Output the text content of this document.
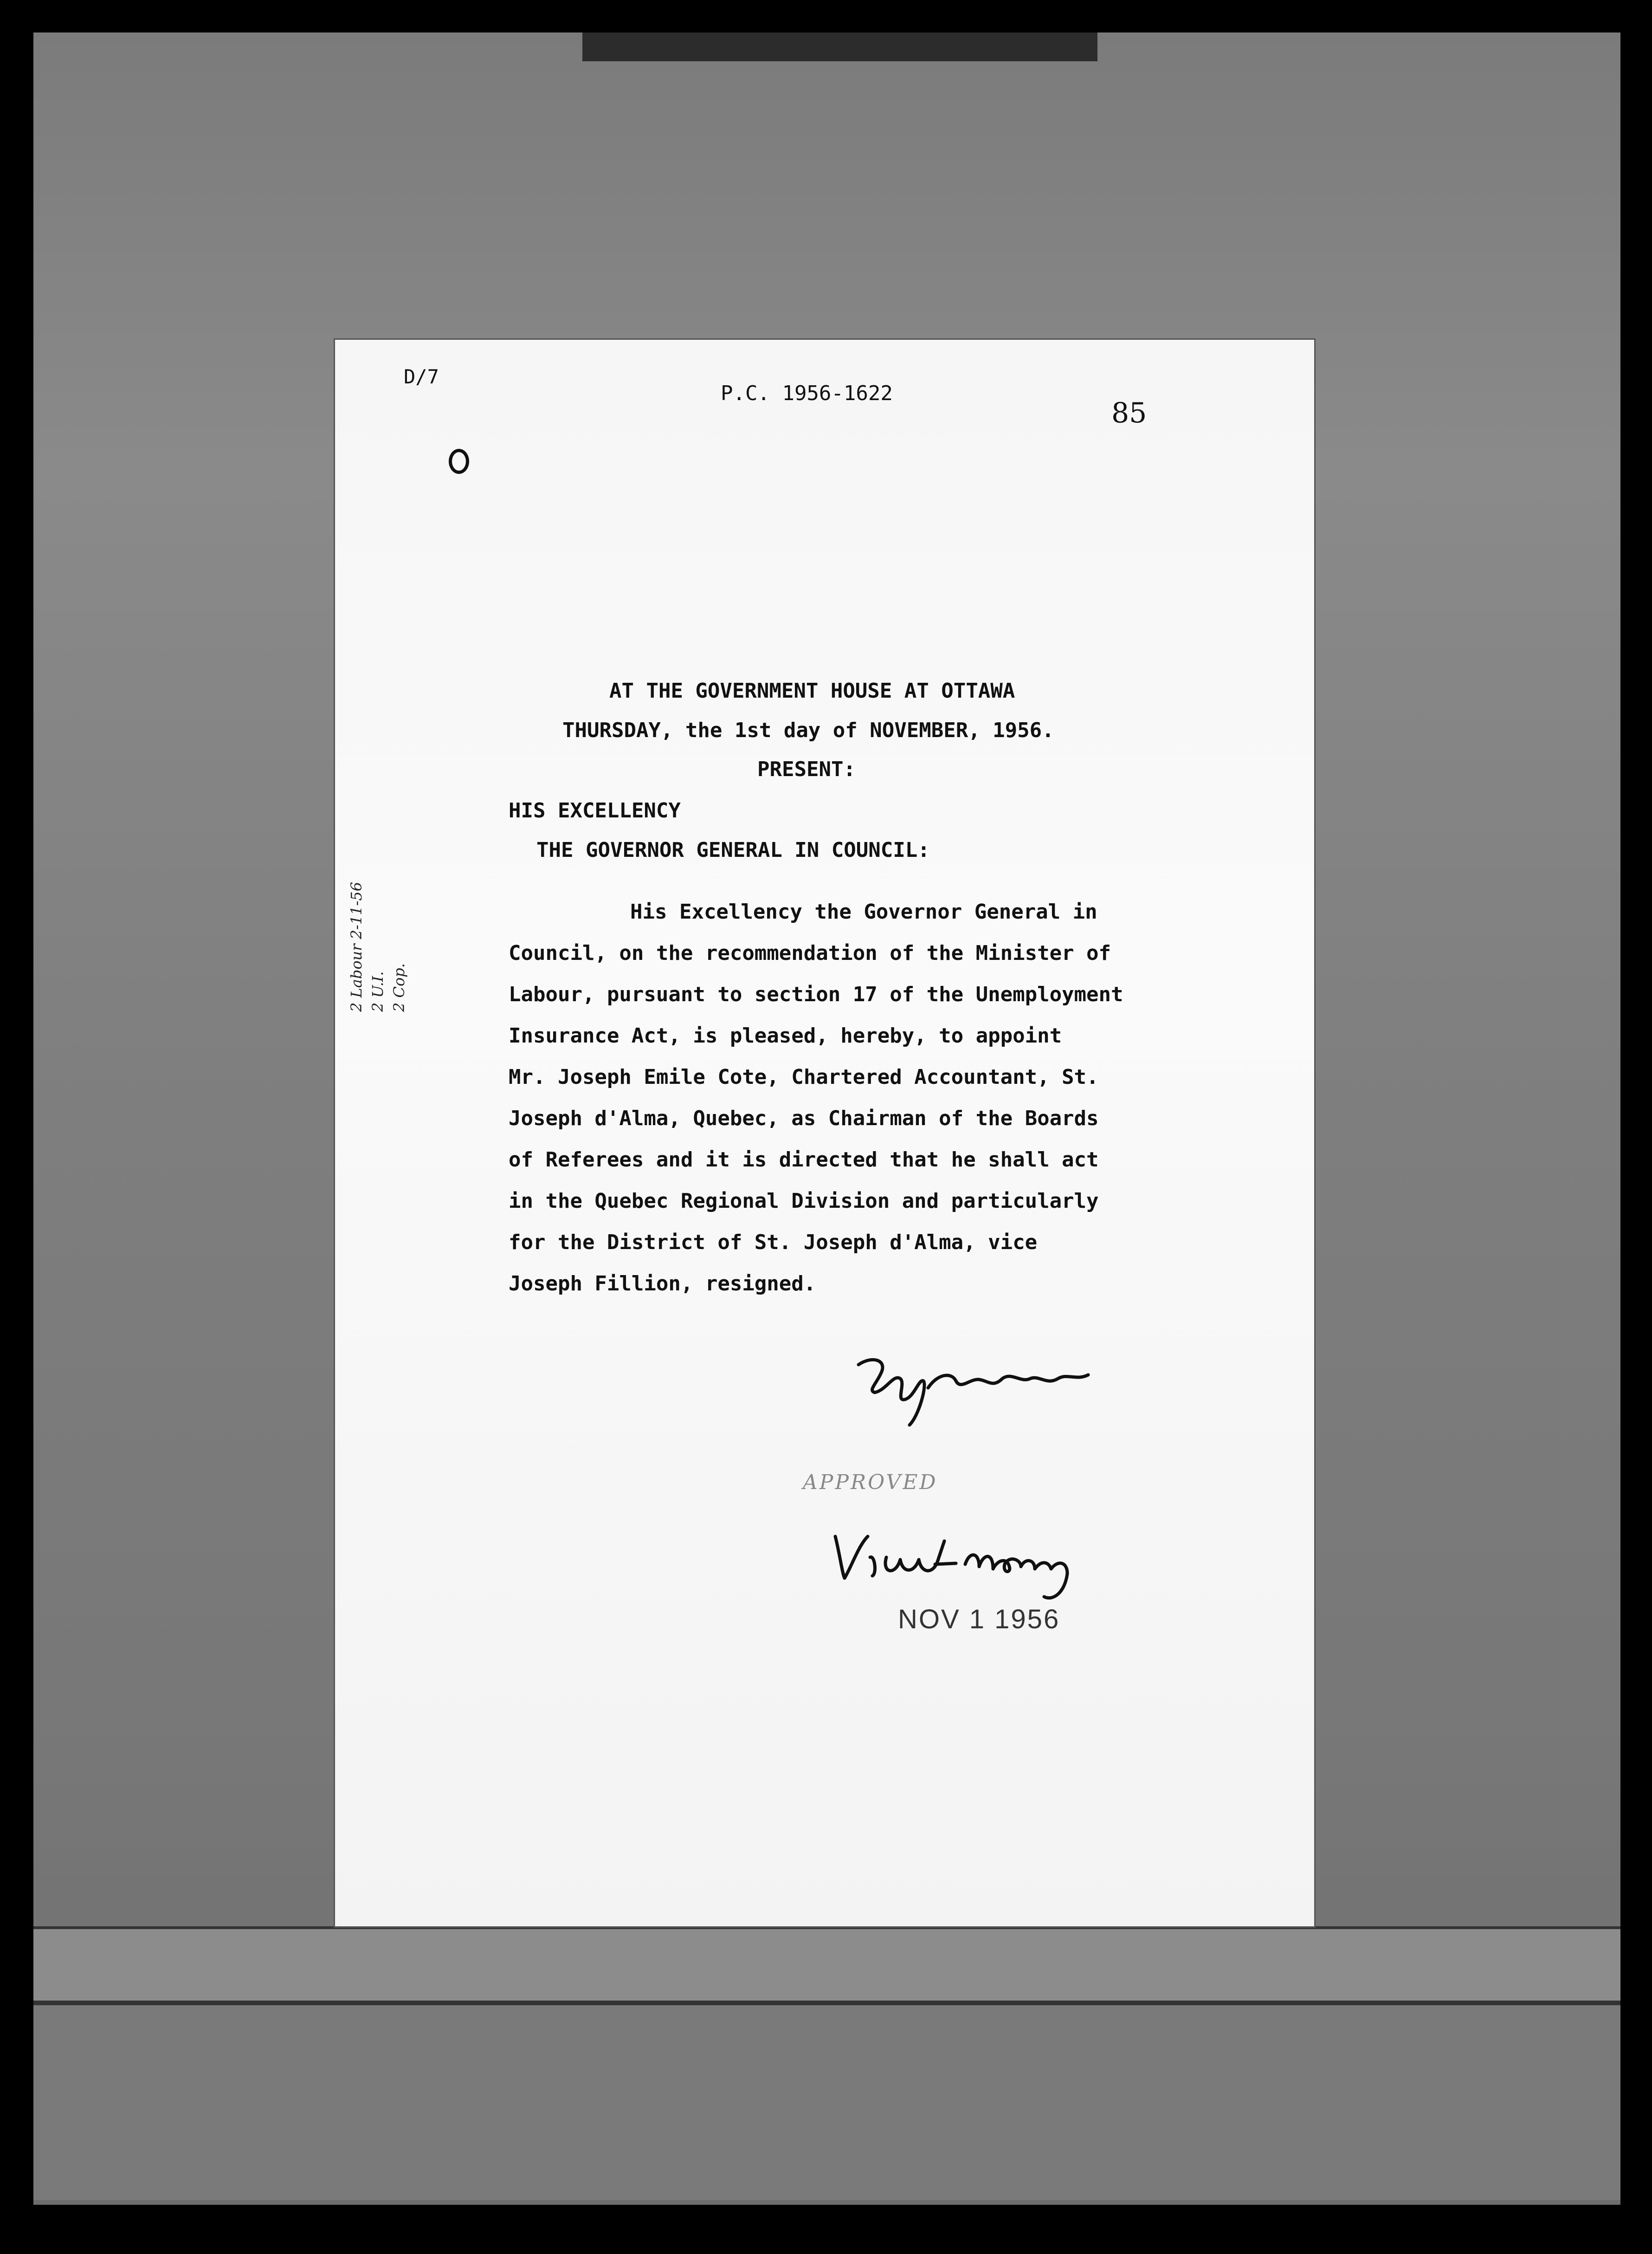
D/7
P.C. 1956-1622
85
AT THE GOVERNMENT HOUSE AT OTTAWA
THURSDAY, the 1st day of NOVEMBER, 1956.
PRESENT:
HIS EXCELLENCY
THE GOVERNOR GENERAL IN COUNCIL:
His Excellency the Governor General in
Council, on the recommendation of the Minister of
Labour, pursuant to section 17 of the Unemployment
Insurance Act, is pleased, hereby, to appoint
Mr. Joseph Emile Cote, Chartered Accountant, St.
Joseph d'Alma, Quebec, as Chairman of the Boards
of Referees and it is directed that he shall act
in the Quebec Regional Division and particularly
for the District of St. Joseph d'Alma, vice
Joseph Fillion, resigned.
2 Labour 2-11-56 2 U.I. 2 Cop.
APPROVED
NOV 1 1956
